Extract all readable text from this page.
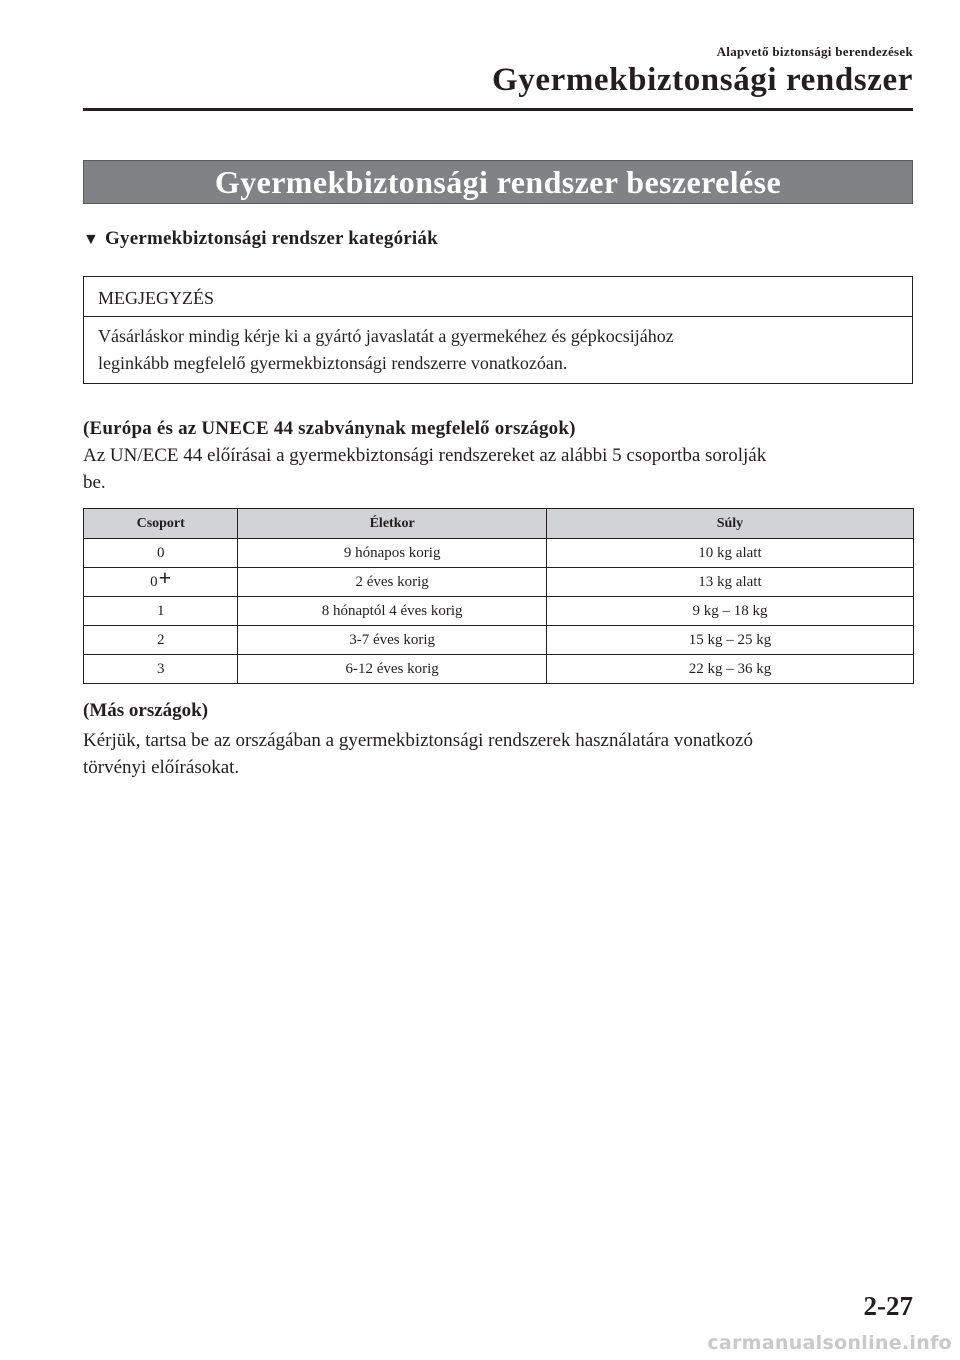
Alapvető biztonsági berendezések
Gyermekbiztonsági rendszer
Gyermekbiztonsági rendszer beszerelése
▼ Gyermekbiztonsági rendszer kategóriák
MEGJEGYZÉS
Vásárláskor mindig kérje ki a gyártó javaslatát a gyermekéhez és gépkocsijához
leginkább megfelelő gyermekbiztonsági rendszerre vonatkozóan.
(Európa és az UNECE 44 szabványnak megfelelő országok)
Az UN/ECE 44 előírásai a gyermekbiztonsági rendszereket az alábbi 5 csoportba sorolják
be.
Csoport	Életkor	Súly
0	9 hónapos korig	10 kg alatt
0+	2 éves korig	13 kg alatt
1	8 hónaptól 4 éves korig	9 kg – 18 kg
2	3-7 éves korig	15 kg – 25 kg
3	6-12 éves korig	22 kg – 36 kg
(Más országok)
Kérjük, tartsa be az országában a gyermekbiztonsági rendszerek használatára vonatkozó
törvényi előírásokat.
2-27
carmanualsonline.info
